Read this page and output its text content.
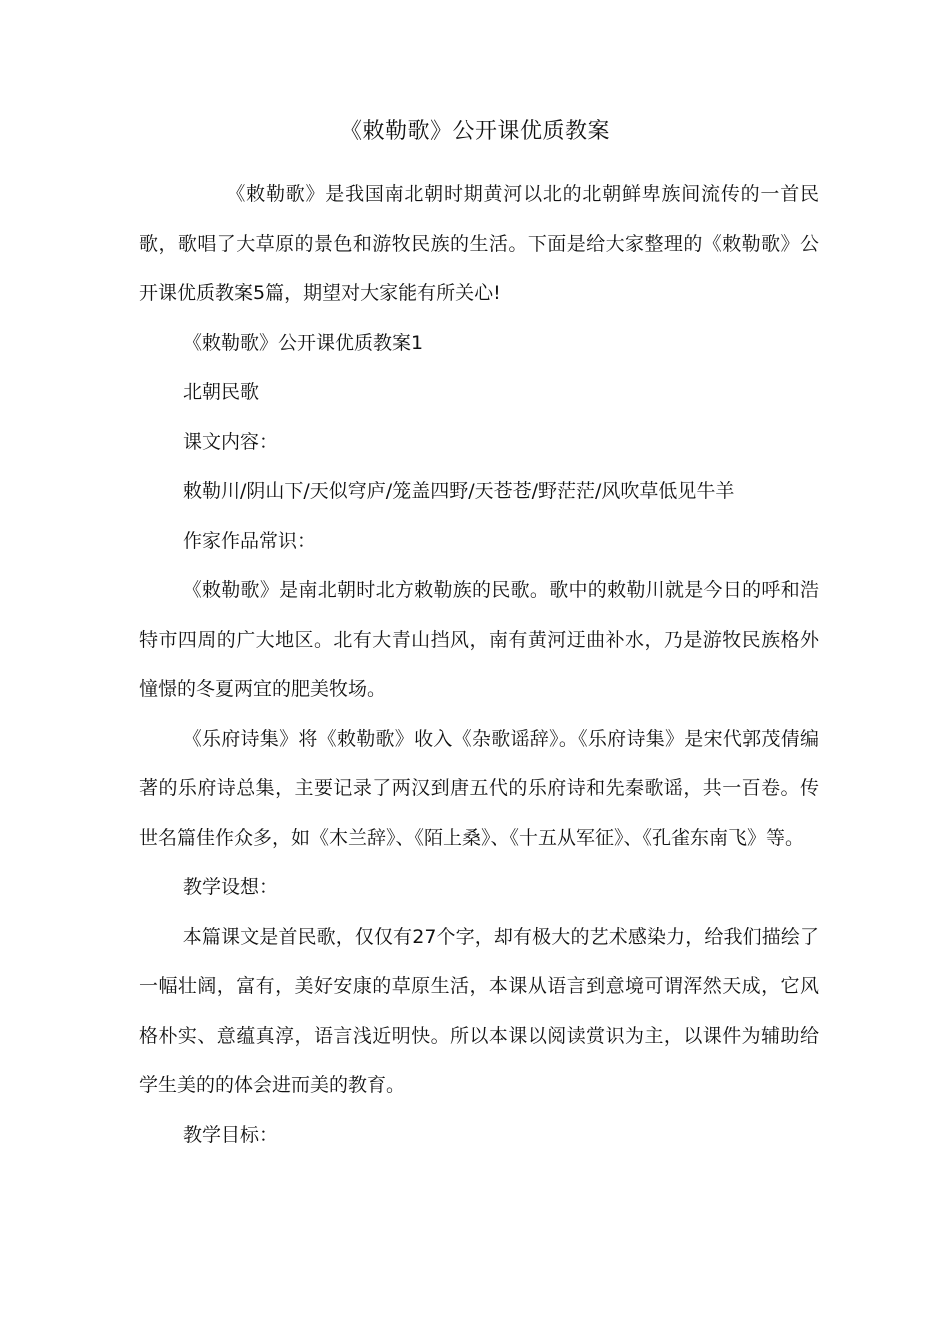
《敕勒歌》公开课优质教案

《敕勒歌》是我国南北朝时期黄河以北的北朝鲜卑族间流传的一首民歌，歌唱了大草原的景色和游牧民族的生活。下面是给大家整理的《敕勒歌》公开课优质教案5篇，期望对大家能有所关心!

《敕勒歌》公开课优质教案1

北朝民歌

课文内容：

敕勒川/阴山下/天似穹庐/笼盖四野/天苍苍/野茫茫/风吹草低见牛羊

作家作品常识：

《敕勒歌》是南北朝时北方敕勒族的民歌。歌中的敕勒川就是今日的呼和浩特市四周的广大地区。北有大青山挡风，南有黄河迂曲补水，乃是游牧民族格外憧憬的冬夏两宜的肥美牧场。

《乐府诗集》将《敕勒歌》收入《杂歌谣辞》。《乐府诗集》是宋代郭茂倩编著的乐府诗总集，主要记录了两汉到唐五代的乐府诗和先秦歌谣，共一百卷。传世名篇佳作众多，如《木兰辞》、《陌上桑》、《十五从军征》、《孔雀东南飞》等。

教学设想：

本篇课文是首民歌，仅仅有27个字，却有极大的艺术感染力，给我们描绘了一幅壮阔，富有，美好安康的草原生活，本课从语言到意境可谓浑然天成，它风格朴实、意蕴真淳，语言浅近明快。所以本课以阅读赏识为主，以课件为辅助给学生美的的体会进而美的教育。

教学目标：
